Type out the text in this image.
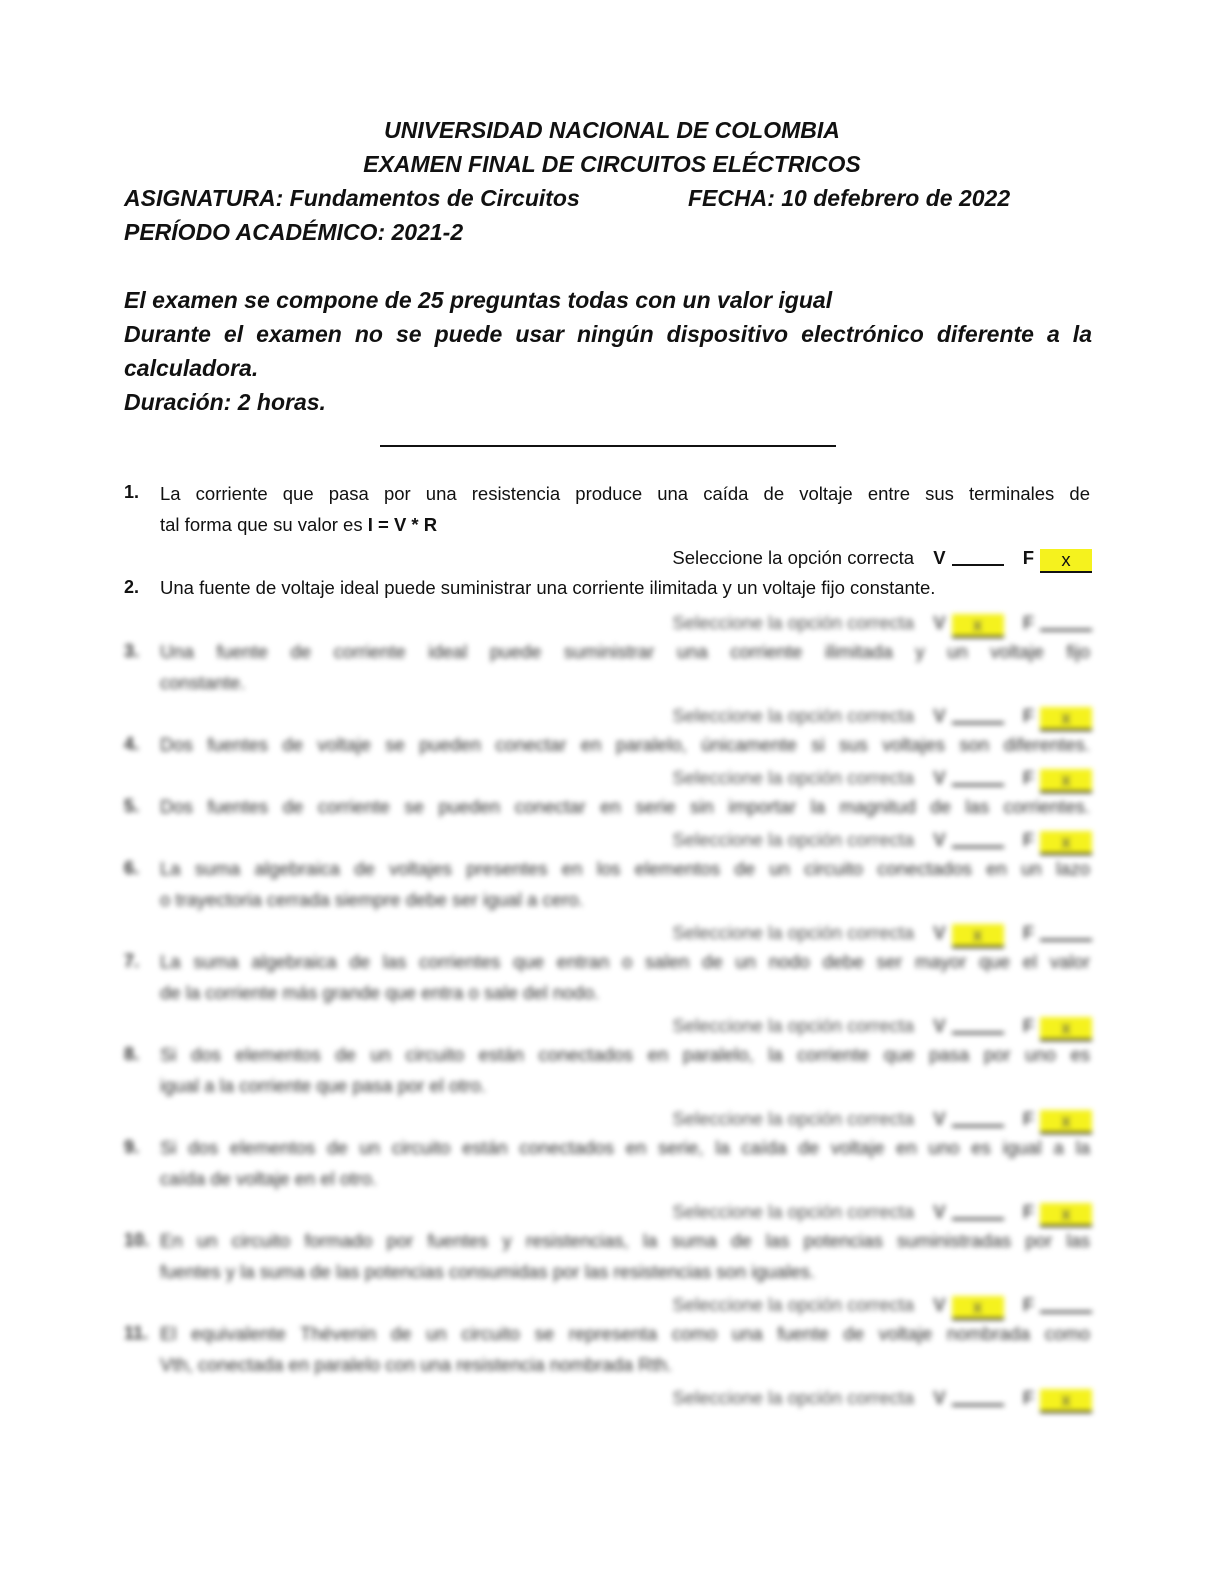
UNIVERSIDAD NACIONAL DE COLOMBIA
EXAMEN FINAL DE CIRCUITOS ELÉCTRICOS
ASIGNATURA: Fundamentos de Circuitos	FECHA: 10 defebrero de 2022
PERÍODO ACADÉMICO: 2021-2
El examen se compone de 25 preguntas todas con un valor igual
Durante el examen no se puede usar ningún dispositivo electrónico diferente a la
calculadora.
Duración: 2 horas.
1. La corriente que pasa por una resistencia produce una caída de voltaje entre sus terminales de
tal forma que su valor es I = V * R
Seleccione la opción correcta V	F x
2. Una fuente de voltaje ideal puede suministrar una corriente ilimitada y un voltaje fijo constante.
Seleccione la opción correcta V x F
3. Una fuente de corriente ideal puede suministrar una corriente ilimitada y un voltaje fijo
constante.
Seleccione la opción correcta V	F x
4. Dos fuentes de voltaje se pueden conectar en paralelo, únicamente si sus voltajes son diferentes.
Seleccione la opción correcta V	F x
5. Dos fuentes de corriente se pueden conectar en serie sin importar la magnitud de las corrientes.
Seleccione la opción correcta V	F x
6. La suma algebraica de voltajes presentes en los elementos de un circuito conectados en un lazo
o trayectoria cerrada siempre debe ser igual a cero.
Seleccione la opción correcta V x F
7. La suma algebraica de las corrientes que entran o salen de un nodo debe ser mayor que el valor
de la corriente más grande que entra o sale del nodo.
Seleccione la opción correcta V	F x
8. Si dos elementos de un circuito están conectados en paralelo, la corriente que pasa por uno es
igual a la corriente que pasa por el otro.
Seleccione la opción correcta V	F x
9. Si dos elementos de un circuito están conectados en serie, la caída de voltaje en uno es igual a la
caída de voltaje en el otro.
Seleccione la opción correcta V	F x
10. En un circuito formado por fuentes y resistencias, la suma de las potencias suministradas por las
fuentes y la suma de las potencias consumidas por las resistencias son iguales.
Seleccione la opción correcta V x F
11. El equivalente Thévenin de un circuito se representa como una fuente de voltaje nombrada como
Vth, conectada en paralelo con una resistencia nombrada Rth.
Seleccione la opción correcta V	F x
